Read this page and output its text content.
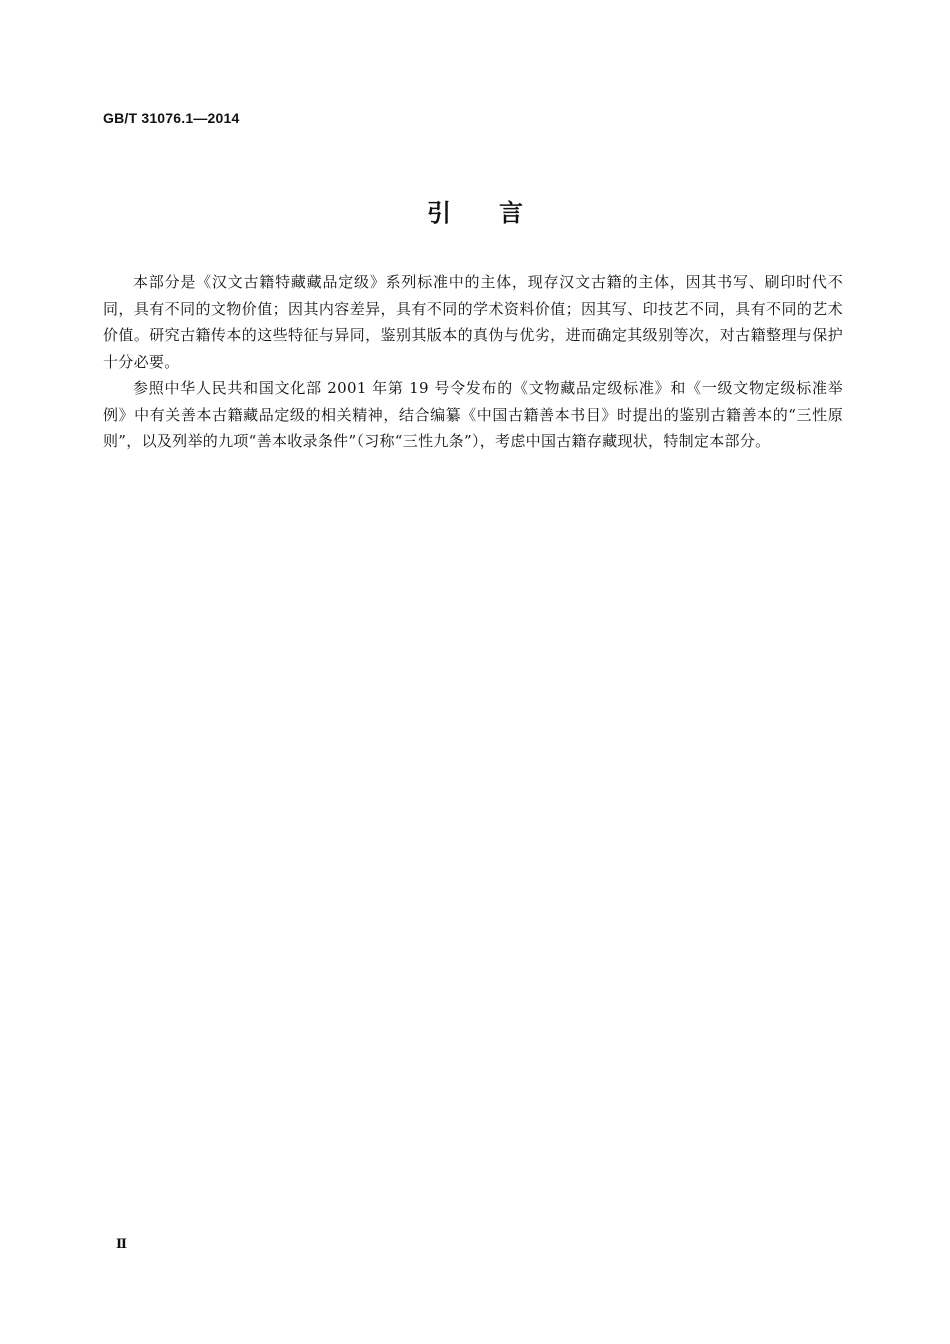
GB/T 31076.1—2014
引言

本部分是《汉文古籍特藏藏品定级》系列标准中的主体，现存汉文古籍的主体，因其书写、刷印时代不同，具有不同的文物价值；因其内容差异，具有不同的学术资料价值；因其写、印技艺不同，具有不同的艺术价值。研究古籍传本的这些特征与异同，鉴别其版本的真伪与优劣，进而确定其级别等次，对古籍整理与保护十分必要。

参照中华人民共和国文化部 2001 年第 19 号令发布的《文物藏品定级标准》和《一级文物定级标准举例》中有关善本古籍藏品定级的相关精神，结合编纂《中国古籍善本书目》时提出的鉴别古籍善本的“三性原则”，以及列举的九项“善本收录条件”（习称“三性九条”），考虑中国古籍存藏现状，特制定本部分。

Ⅱ
